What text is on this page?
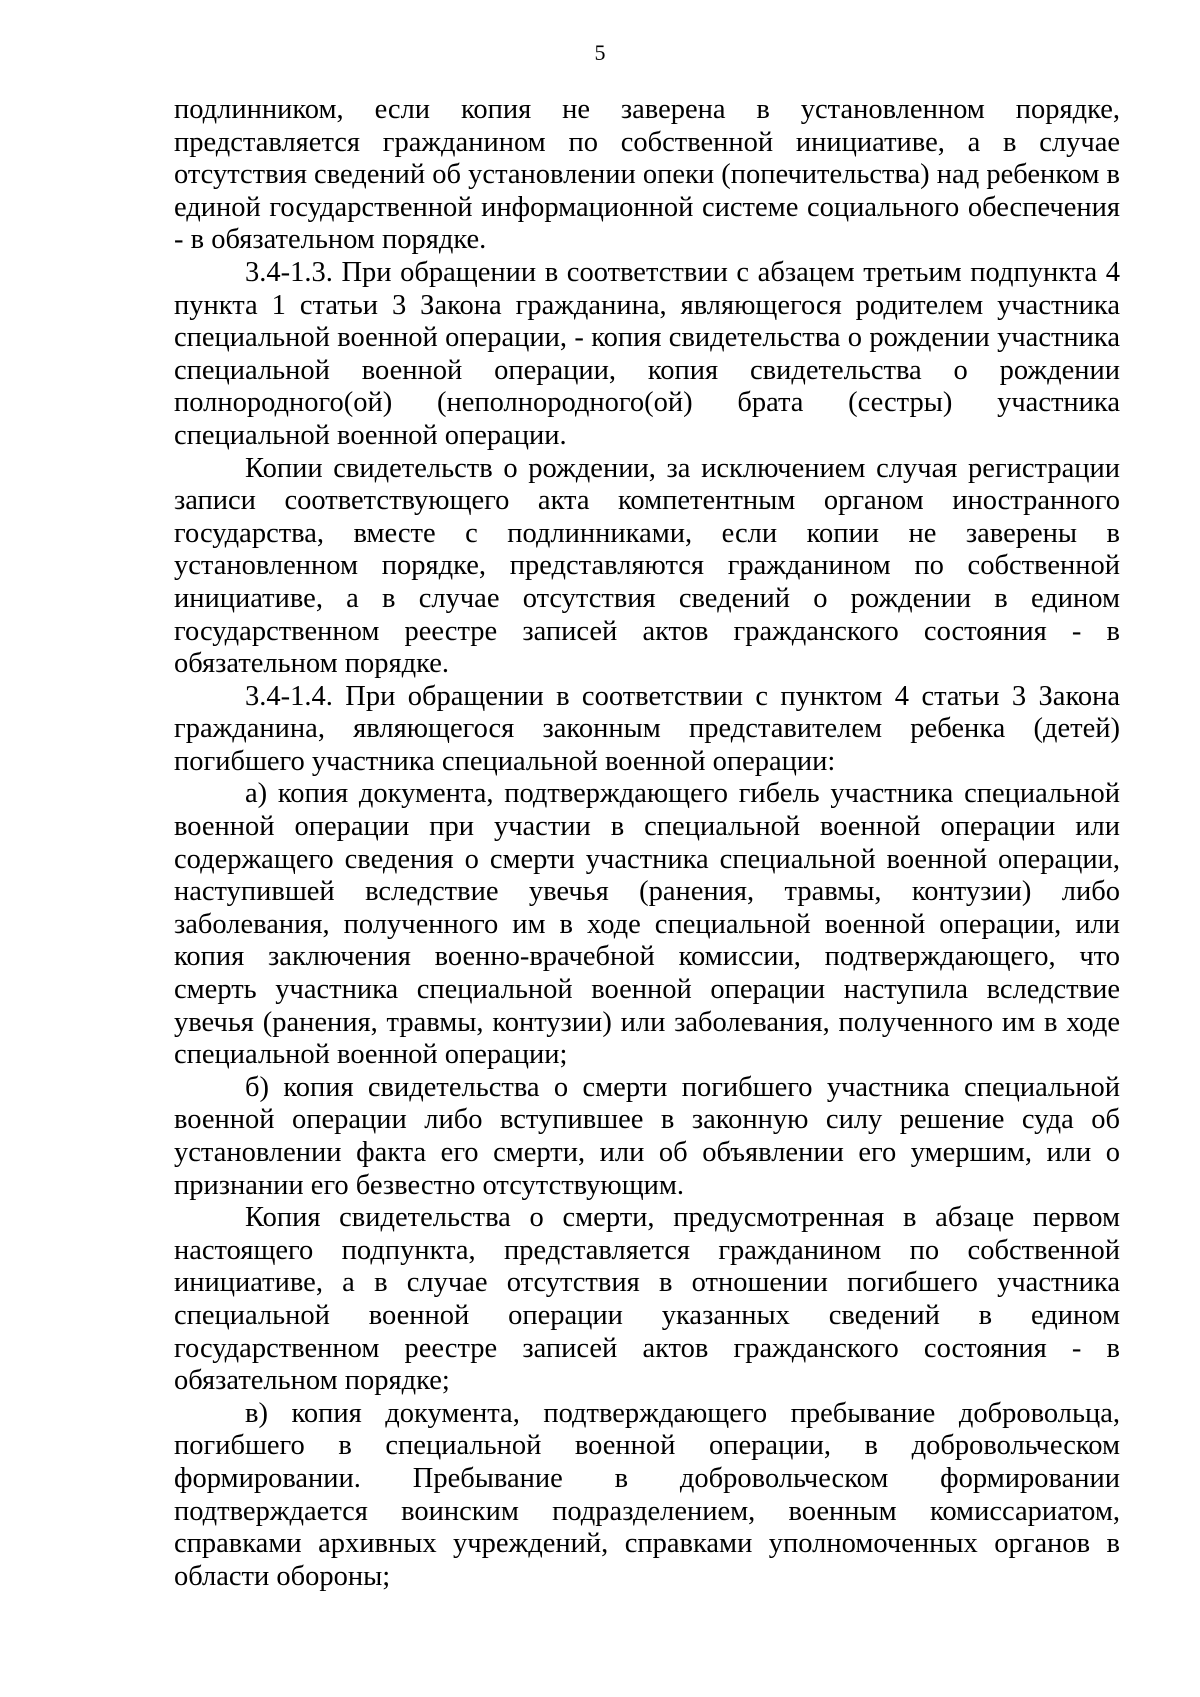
5

подлинником, если копия не заверена в установленном порядке, представляется гражданином по собственной инициативе, а в случае отсутствия сведений об установлении опеки (попечительства) над ребенком в единой государственной информационной системе социального обеспечения - в обязательном порядке.

3.4-1.3. При обращении в соответствии с абзацем третьим подпункта 4 пункта 1 статьи 3 Закона гражданина, являющегося родителем участника специальной военной операции, - копия свидетельства о рождении участника специальной военной операции, копия свидетельства о рождении полнородного(ой) (неполнородного(ой) брата (сестры) участника специальной военной операции.

Копии свидетельств о рождении, за исключением случая регистрации записи соответствующего акта компетентным органом иностранного государства, вместе с подлинниками, если копии не заверены в установленном порядке, представляются гражданином по собственной инициативе, а в случае отсутствия сведений о рождении в едином государственном реестре записей актов гражданского состояния - в обязательном порядке.

3.4-1.4. При обращении в соответствии с пунктом 4 статьи 3 Закона гражданина, являющегося законным представителем ребенка (детей) погибшего участника специальной военной операции:

а) копия документа, подтверждающего гибель участника специальной военной операции при участии в специальной военной операции или содержащего сведения о смерти участника специальной военной операции, наступившей вследствие увечья (ранения, травмы, контузии) либо заболевания, полученного им в ходе специальной военной операции, или копия заключения военно-врачебной комиссии, подтверждающего, что смерть участника специальной военной операции наступила вследствие увечья (ранения, травмы, контузии) или заболевания, полученного им в ходе специальной военной операции;

б) копия свидетельства о смерти погибшего участника специальной военной операции либо вступившее в законную силу решение суда об установлении факта его смерти, или об объявлении его умершим, или о признании его безвестно отсутствующим.

Копия свидетельства о смерти, предусмотренная в абзаце первом настоящего подпункта, представляется гражданином по собственной инициативе, а в случае отсутствия в отношении погибшего участника специальной военной операции указанных сведений в едином государственном реестре записей актов гражданского состояния - в обязательном порядке;

в) копия документа, подтверждающего пребывание добровольца, погибшего в специальной военной операции, в добровольческом формировании. Пребывание в добровольческом формировании подтверждается воинским подразделением, военным комиссариатом, справками архивных учреждений, справками уполномоченных органов в области обороны;
